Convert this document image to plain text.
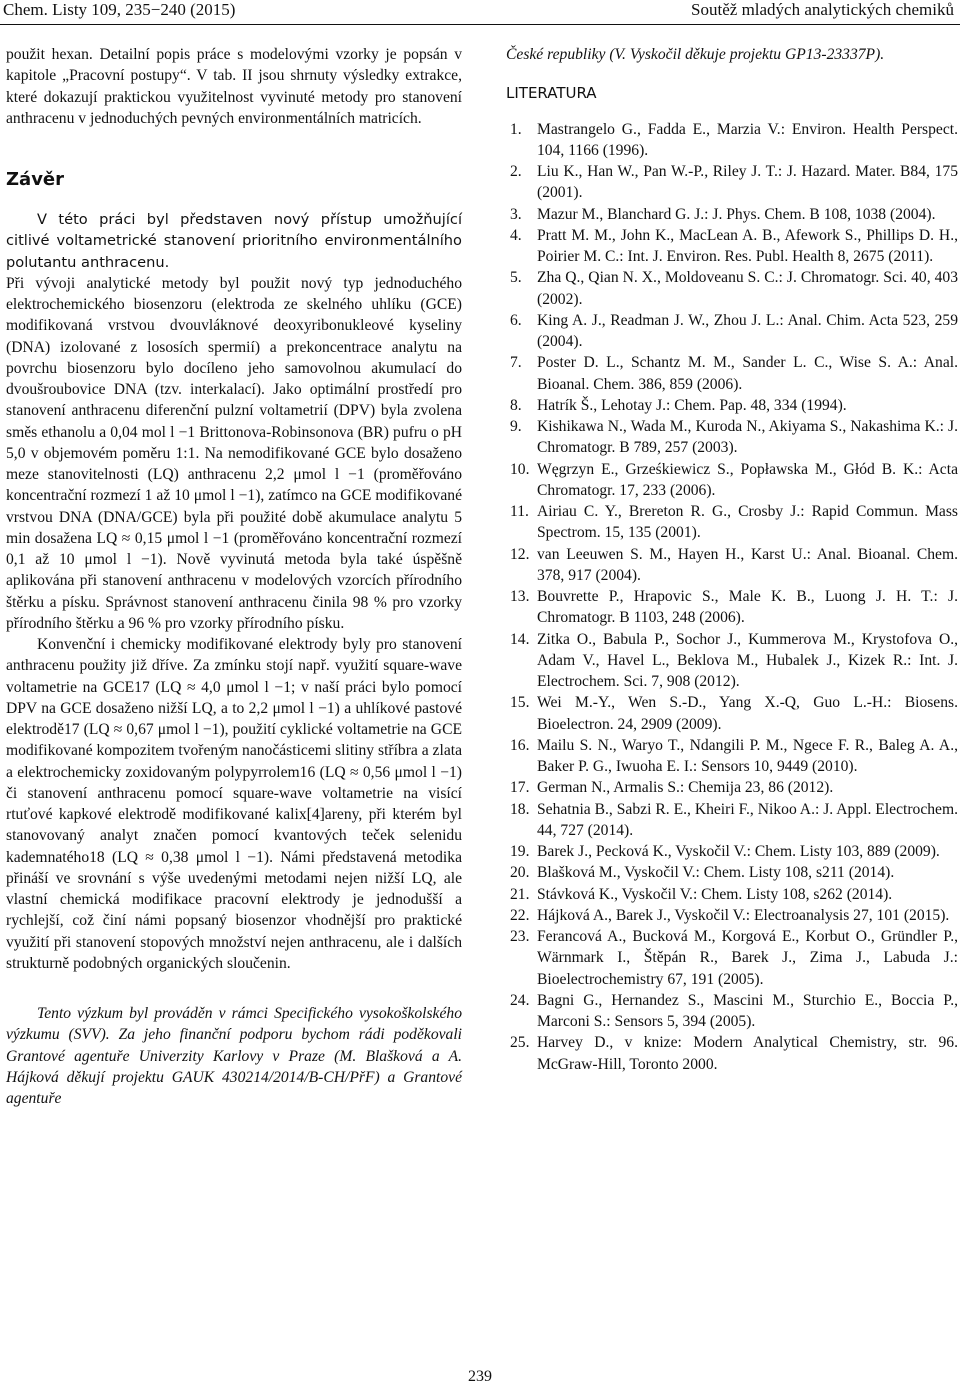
Chem. Listy 109, 235−240 (2015)	Soutěž mladých analytických chemiků

použit hexan. Detailní popis práce s modelovými vzorky je popsán v kapitole „Pracovní postupy“. V tab. II jsou shrnuty výsledky extrakce, které dokazují praktickou využitelnost vyvinuté metody pro stanovení anthracenu v jednoduchých pevných environmentálních matricích.

Závěr

V této práci byl představen nový přístup umožňující citlivé voltametrické stanovení prioritního environmentálního polutantu anthracenu.

Při vývoji analytické metody byl použit nový typ jednoduchého elektrochemického biosenzoru (elektroda ze skelného uhlíku (GCE) modifikovaná vrstvou dvouvláknové deoxyribonukleové kyseliny (DNA) izolované z lososích spermií) a prekoncentrace analytu na povrchu biosenzoru bylo docíleno jeho samovolnou akumulací do dvoušroubovice DNA (tzv. interkalací). Jako optimální prostředí pro stanovení anthracenu diferenční pulzní voltametrií (DPV) byla zvolena směs ethanolu a 0,04 mol l −1 Brittonova-Robinsonova (BR) pufru o pH 5,0 v objemovém poměru 1:1. Na nemodifikované GCE bylo dosaženo meze stanovitelnosti (LQ) anthracenu 2,2 μmol l −1 (proměřováno koncentrační rozmezí 1 až 10 μmol l −1), zatímco na GCE modifikované vrstvou DNA (DNA/GCE) byla při použité době akumulace analytu 5 min dosažena LQ ≈ 0,15 μmol l −1 (proměřováno koncentrační rozmezí 0,1 až 10 μmol l −1). Nově vyvinutá metoda byla také úspěšně aplikována při stanovení anthracenu v modelových vzorcích přírodního štěrku a písku. Správnost stanovení anthracenu činila 98 % pro vzorky přírodního štěrku a 96 % pro vzorky přírodního písku.

Konvenční i chemicky modifikované elektrody byly pro stanovení anthracenu použity již dříve. Za zmínku stojí např. využití square-wave voltametrie na GCE17 (LQ ≈ 4,0 μmol l −1; v naší práci bylo pomocí DPV na GCE dosaženo nižší LQ, a to 2,2 μmol l −1) a uhlíkové pastové elektrodě17 (LQ ≈ 0,67 μmol l −1), použití cyklické voltametrie na GCE modifikované kompozitem tvořeným nanočásticemi slitiny stříbra a zlata a elektrochemicky zoxidovaným polypyrrolem16 (LQ ≈ 0,56 μmol l −1) či stanovení anthracenu pomocí square-wave voltametrie na visící rtuťové kapkové elektrodě modifikované kalix[4]areny, při kterém byl stanovovaný analyt značen pomocí kvantových teček selenidu kademnatého18 (LQ ≈ 0,38 μmol l −1). Námi představená metodika přináší ve srovnání s výše uvedenými metodami nejen nižší LQ, ale vlastní chemická modifikace pracovní elektrody je jednodušší a rychlejší, což činí námi popsaný biosenzor vhodnější pro praktické využití při stanovení stopových množství nejen anthracenu, ale i dalších strukturně podobných organických sloučenin.

Tento výzkum byl prováděn v rámci Specifického vysokoškolského výzkumu (SVV). Za jeho finanční podporu bychom rádi poděkovali Grantové agentuře Univerzity Karlovy v Praze (M. Blašková a A. Hájková děkují projektu GAUK 430214/2014/B-CH/PřF) a Grantové agentuře

České republiky (V. Vyskočil děkuje projektu GP13-23337P).

LITERATURA
1. Mastrangelo G., Fadda E., Marzia V.: Environ. Health Perspect. 104, 1166 (1996).
2. Liu K., Han W., Pan W.-P., Riley J. T.: J. Hazard. Mater. B84, 175 (2001).
3. Mazur M., Blanchard G. J.: J. Phys. Chem. B 108, 1038 (2004).
4. Pratt M. M., John K., MacLean A. B., Afework S., Phillips D. H., Poirier M. C.: Int. J. Environ. Res. Publ. Health 8, 2675 (2011).
5. Zha Q., Qian N. X., Moldoveanu S. C.: J. Chromatogr. Sci. 40, 403 (2002).
6. King A. J., Readman J. W., Zhou J. L.: Anal. Chim. Acta 523, 259 (2004).
7. Poster D. L., Schantz M. M., Sander L. C., Wise S. A.: Anal. Bioanal. Chem. 386, 859 (2006).
8. Hatrík Š., Lehotay J.: Chem. Pap. 48, 334 (1994).
9. Kishikawa N., Wada M., Kuroda N., Akiyama S., Nakashima K.: J. Chromatogr. B 789, 257 (2003).
10. Węgrzyn E., Grześkiewicz S., Popławska M., Głód B. K.: Acta Chromatogr. 17, 233 (2006).
11. Airiau C. Y., Brereton R. G., Crosby J.: Rapid Commun. Mass Spectrom. 15, 135 (2001).
12. van Leeuwen S. M., Hayen H., Karst U.: Anal. Bioanal. Chem. 378, 917 (2004).
13. Bouvrette P., Hrapovic S., Male K. B., Luong J. H. T.: J. Chromatogr. B 1103, 248 (2006).
14. Zitka O., Babula P., Sochor J., Kummerova M., Krystofova O., Adam V., Havel L., Beklova M., Hubalek J., Kizek R.: Int. J. Electrochem. Sci. 7, 908 (2012).
15. Wei M.-Y., Wen S.-D., Yang X.-Q, Guo L.-H.: Biosens. Bioelectron. 24, 2909 (2009).
16. Mailu S. N., Waryo T., Ndangili P. M., Ngece F. R., Baleg A. A., Baker P. G., Iwuoha E. I.: Sensors 10, 9449 (2010).
17. German N., Armalis S.: Chemija 23, 86 (2012).
18. Sehatnia B., Sabzi R. E., Kheiri F., Nikoo A.: J. Appl. Electrochem. 44, 727 (2014).
19. Barek J., Pecková K., Vyskočil V.: Chem. Listy 103, 889 (2009).
20. Blašková M., Vyskočil V.: Chem. Listy 108, s211 (2014).
21. Stávková K., Vyskočil V.: Chem. Listy 108, s262 (2014).
22. Hájková A., Barek J., Vyskočil V.: Electroanalysis 27, 101 (2015).
23. Ferancová A., Bucková M., Korgová E., Korbut O., Gründler P., Wärnmark I., Štěpán R., Barek J., Zima J., Labuda J.: Bioelectrochemistry 67, 191 (2005).
24. Bagni G., Hernandez S., Mascini M., Sturchio E., Boccia P., Marconi S.: Sensors 5, 394 (2005).
25. Harvey D., v knize: Modern Analytical Chemistry, str. 96. McGraw-Hill, Toronto 2000.
239
